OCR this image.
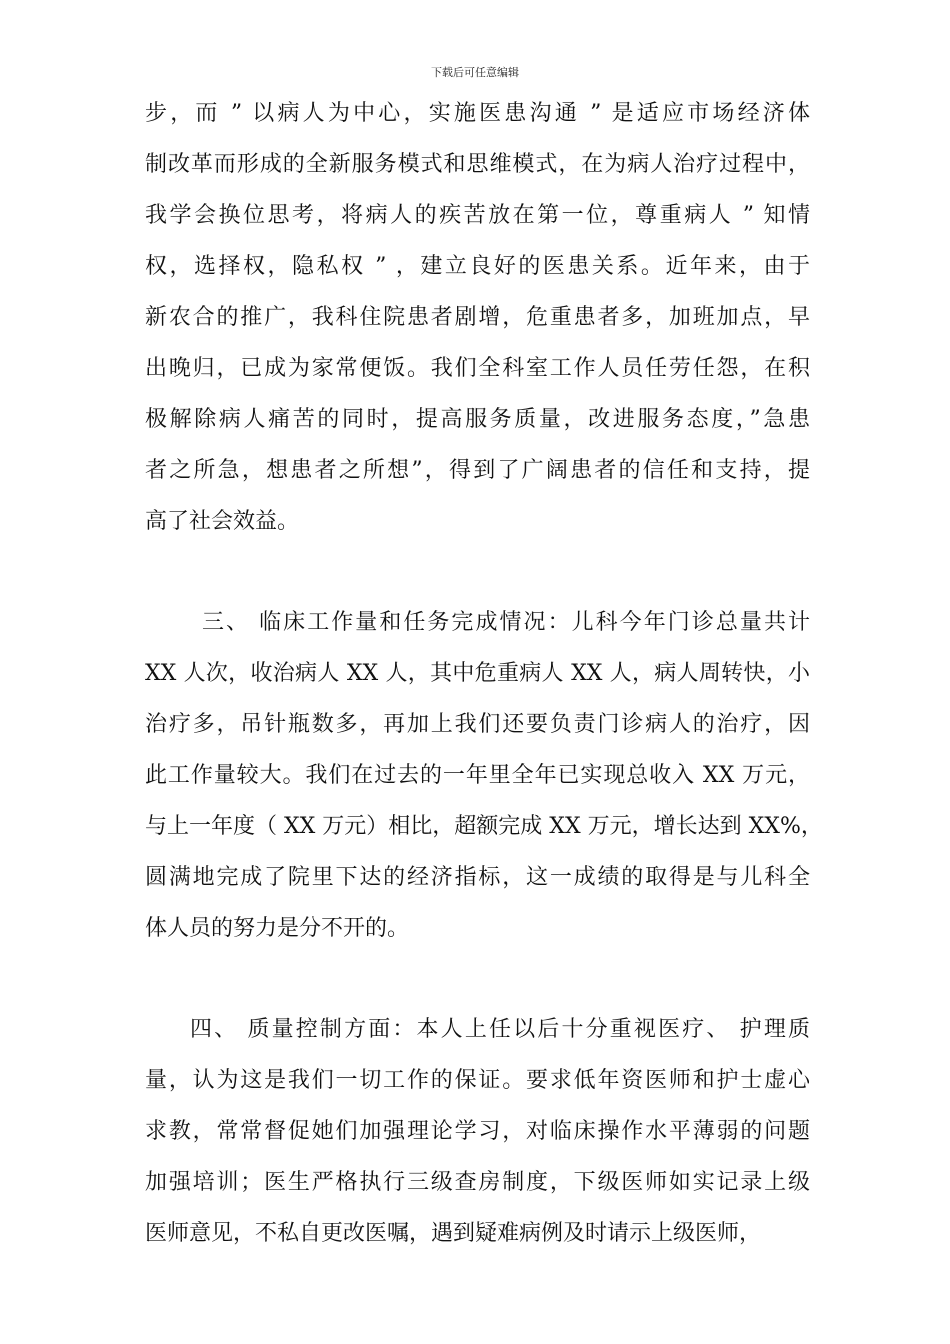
下载后可任意编辑
步，而 ” 以病人为中心，实施医患沟通 ” 是适应市场经济体
制改革而形成的全新服务模式和思维模式，在为病人治疗过程中，
我学会换位思考，将病人的疾苦放在第一位，尊重病人 ” 知情
权，选择权，隐私权 ” ，建立良好的医患关系。近年来，由于
新农合的推广，我科住院患者剧增，危重患者多，加班加点，早
出晚归，已成为家常便饭。我们全科室工作人员任劳任怨，在积
极解除病人痛苦的同时，提高服务质量，改进服务态度，”急患
者之所急，想患者之所想”，得到了广阔患者的信任和支持，提
高了社会效益。
三、 临床工作量和任务完成情况：儿科今年门诊总量共计
XX 人次，收治病人 XX 人，其中危重病人 XX 人，病人周转快，小
治疗多，吊针瓶数多，再加上我们还要负责门诊病人的治疗，因
此工作量较大。我们在过去的一年里全年已实现总收入 XX 万元，
与上一年度（ XX 万元）相比，超额完成 XX 万元，增长达到 XX%，
圆满地完成了院里下达的经济指标，这一成绩的取得是与儿科全
体人员的努力是分不开的。
四、 质量控制方面：本人上任以后十分重视医疗、 护理质
量，认为这是我们一切工作的保证。要求低年资医师和护士虚心
求教，常常督促她们加强理论学习，对临床操作水平薄弱的问题
加强培训；医生严格执行三级查房制度，下级医师如实记录上级
医师意见，不私自更改医嘱，遇到疑难病例及时请示上级医师，
